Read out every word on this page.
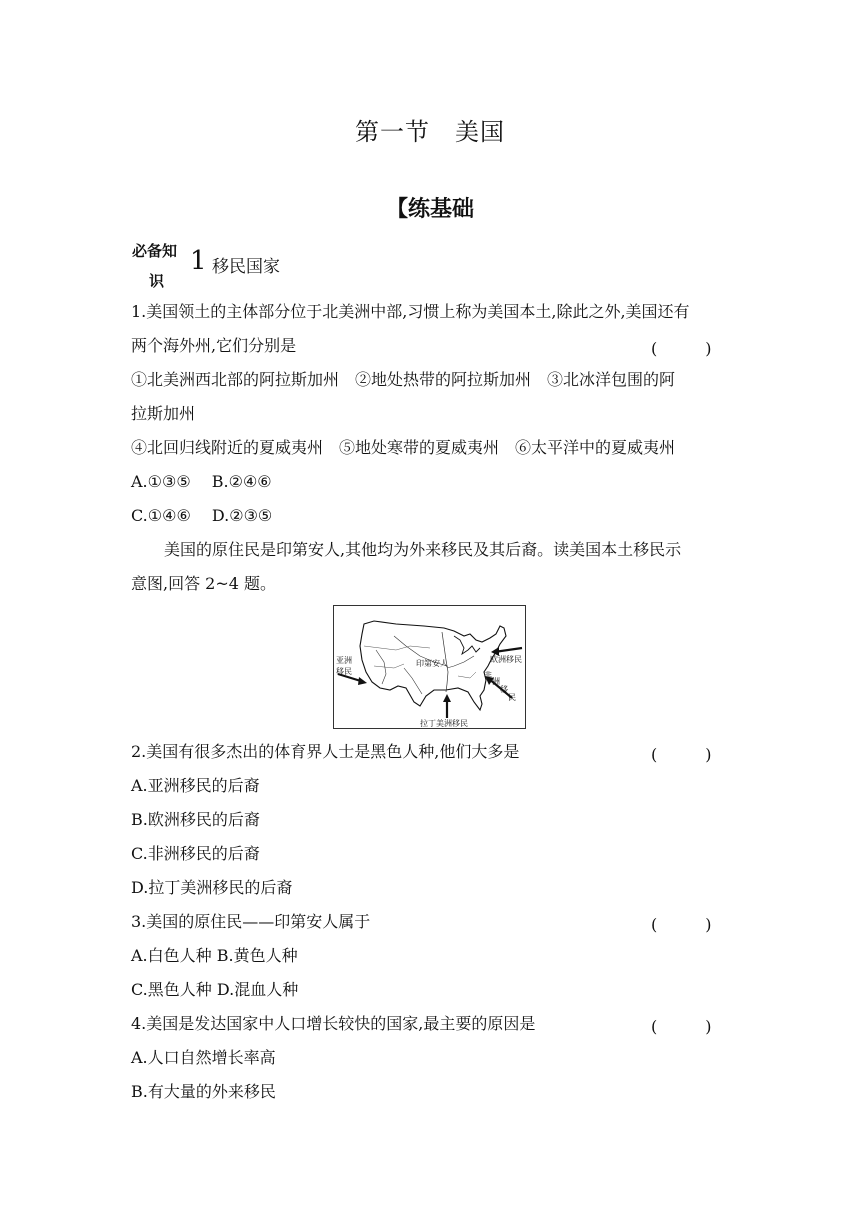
第一节　美国
【练基础
必备知
识
1 移民国家
1.美国领土的主体部分位于北美洲中部,习惯上称为美国本土,除此之外,美国还有
两个海外州,它们分别是	(　　　)
①北美洲西北部的阿拉斯加州　②地处热带的阿拉斯加州　③北冰洋包围的阿
拉斯加州
④北回归线附近的夏威夷州　⑤地处寒带的夏威夷州　⑥太平洋中的夏威夷州
A.①③⑤　 B.②④⑥
C.①④⑥　 D.②③⑤
美国的原住民是印第安人,其他均为外来移民及其后裔。读美国本土移民示
意图,回答 2~4 题。
亚洲
移民
印第安人	欧洲移民
非
洲
移
民
拉丁美洲移民
2.美国有很多杰出的体育界人士是黑色人种,他们大多是	(　　　)
A.亚洲移民的后裔
B.欧洲移民的后裔
C.非洲移民的后裔
D.拉丁美洲移民的后裔
3.美国的原住民——印第安人属于	(　　　)
A.白色人种 B.黄色人种
C.黑色人种 D.混血人种
4.美国是发达国家中人口增长较快的国家,最主要的原因是	(　　　)
A.人口自然增长率高
B.有大量的外来移民
